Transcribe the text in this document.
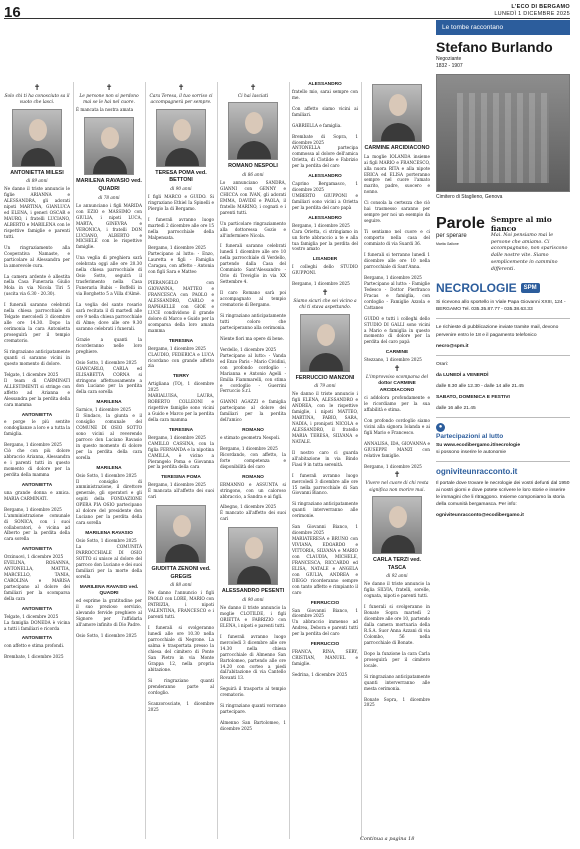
16	L'ECO DI BERGAMO
LUNEDÌ 1 DICEMBRE 2025
✝
Solo chi ti ha conosciuto sa il vuoto che lasci.
ANTONIETTA MILESI
di 89 anni
Ne danno il triste annuncio le figlie ARIANNA e ALESSANDRA, gli adorati nipoti MARTINA, GIANLUCA ed ELENA, i generi OSCAR e MAURO, i fratelli LUCIANO, ALBERTO e MARILENA con le rispettive famiglie e parenti tutti.
Un ringraziamento alla Cooperativa Namaste, e particolare al Alessandra per la amorevole cura.
La camera ardente è allestita nella Casa Funeraria Giulio Mola in via Nicola Tiri 5 (uscita via 6.30 - 20.30).
I funerali saranno celebrati nella chiesa parrocchiale di Telgate mercoledì 3 dicembre alle ore 14.30. Dopo la cerimonia la cara Antonietta proseguirà per il tempio crematorio.
Si ringraziano anticipatamente quanti ci saranno vicini in questo momento di dolore.
Telgate, 1 dicembre 2025
Il team di CARMINATI ALLESTIMENTI si stringe con affetto ad Arianna e Alessandra per la perdita della cara mamma
ANTONIETTA
e porge le più sentite condoglianze a loro e a tutta la famiglia.
Bergamo, 1 dicembre 2025
Ciò che con più dolore abbraccio Arianna, Alessandra e i parenti tutti in questo momento di dolore per la perdita della mamma
ANTONIETTA
una grande donna e amica. MARIA CARMINATI.
Bergamo, 1 dicembre 2025
L'amministrazione comunale di SONICA, con i suoi collaboratori, è vicina ad Alberto per la perdita della cara sorella
ANTONIETTA
Orzinuovi, 1 dicembre 2025
EVELINA, ROSANNA, ANTONELLA, MATTIA, MARCELLO, TANIA, CAROLINA e MARISA partecipano al dolore dei familiari per la scomparsa della cara
ANTONIETTA
Telgate, 1 dicembre 2025
La famiglia DONEDA è vicina a tutti i familiari e ricorda
ANTONIETTA
con affetto e stima profondi.
Brembate, 1 dicembre 2025
✝
Le persone non si perdono mai se le hai nel cuore.
È mancata la nostra amata
MARILENA RAVASIO ved. QUADRI
di 78 anni
Lo annunciano i figli MARIDA con EZIO e MASSIMO con GIULIA, i nipoti LUCA, MARTA, GINEVRA e VERONICA, i fratelli DON LUCIANO, ALBERTO e MICHELE con le rispettive famiglie.
Una veglia di preghiera sarà celebrata oggi alle ore 20.30 nella chiesa parrocchiale di Osio Sotto, seguirà il trasferimento nella Casa Funeraria Rubis - Boffelli in via Borghetto 5 a Villa d'Almè.
La veglia del santo rosario sarà recitata il dì martedì alle ore 9 nella chiesa parrocchiale di Alme; dove alle ore 9.30 saranno celebrati i funerali.
Grazie a quanti la ricorderanno nelle loro preghiere.
Osio Sotto, 1 dicembre 2025
GIANCARLO, CARLA ed ELISABETTA CORNA si stringono affettuosamente a don Luciano per la perdita della cara sorella
MARILENA
Sarnico, 1 dicembre 2025
Il Sindaco, la giunta e il consiglio comunale del COMUNE DI OSIO SOTTO sono vicini al reverendo parroco don Luciano Ravasio in questo momento di dolore per la perdita della cara sorella
MARILENA
Osio Sotto, 1 dicembre 2025
Il consiglio di amministrazione, il direttore generale, gli operatori e gli ospiti della FONDAZIONE OPERA PIA OSIO partecipano al dolore del presidente don Luciano per la perdita della cara sorella
MARILENA RAVASIO
Osio Sotto, 1 dicembre 2025
La COMUNITÀ PARROCCHIALE DI OSIO SOTTO si unisce al dolore del parroco don Luciano e dei suoi familiari per la morte della sorella
MARILENA RAVASIO ved. QUADRI
ed esprime la gratitudine per il suo prezioso servizio, alevando fervide preghiere al Signore per l'affidarla all'amore infinito di Dio Padre.
Osio Sotto, 1 dicembre 2025
✝
Cara Teresa, il tuo sorriso ci accompagnerà per sempre.
TERESA POMA ved. BETTONI
di 90 anni
I figli MARCO e GUIDO. Si ringraziano Ethiel Ia Spinelli e Piergio Ia di Bergamo.
I funerali avranno luogo martedì 2 dicembre alle ore 15 nella parrocchiale della Malpensata.
Bergamo, 1 dicembre 2025
Partecipano al lutto: - Enzo, Lauretta e figli - Famiglia Caragau, con affetto - Antonia con figli Sara e Matteo
PIERANGELO con GIOVANNA, MATTEO e FRANCESCA con PAOLO e ALESSANDRO, CARLO e RAPHAELLE con GIOE e LUCE condividono il grande dolore di Marco e Guido per la scomparsa della loro amata mamma
TERESINA
Bergamo, 1 dicembre 2025
CLAUDIO, FEDERICA e LUCA ricordano con grande affetto zia
TERRY
Artigliana (TO), 1 dicembre 2025
MARIALUISA, LAURA, ROBERTO COLLEONI e rispettive famiglie sono vicini a Guido e Marco per la perdita della cara mamma
TERESINA
Bergamo, 1 dicembre 2025
CAMILLO CASSINA, con la figlia FERNANDA e la nipotina CAMILLA, è vicino a Pierangelo Poma e Giovanna per la perdita della cara
TERESINA POMA
Bergamo, 1 dicembre 2025
È mancata all'affetto dei suoi cari
GIUDITTA ZENONI ved. GREGIS
di 88 anni
Ne danno l'annuncio i figli PAOLO con LORE, MARIO con PATRIZIA, i nipoti VALENTINA, FRANCESCO e i parenti tutti.
I funerali si svolgeranno lunedì alle ore 10.30 nella parrocchiale di Negrone. La salma è trasportata presso la chiesa del cimitero di Ponte San Pietro in via Monte Grappa 12, nella propria abitazione.
Si ringraziano quanti prenderanno parte al cordoglio.
Scanzorosciate, 1 dicembre 2025
✝
Ci hai lasciati
ROMANO NESPOLI
di 86 anni
Lo annunciano SANDRA, GIANNI con GENNY e CHICCA con IVAN, gli adorati EMMA, DAVIDE e PAOLA, il fratello MARINO, i cognati e i parenti tutti.
Un particolare ringraziamento alla dottoressa Gozio e all'infermiere Nicola.
I funerali saranno celebrati lunedì 1 dicembre alle ore 10 nella parrocchiale di Verdello, partendo dalla Casa del Commiato Sant'Alessandro - Orio di Treviglio in via XX Settembre 4.
Il caro Romano sarà poi accompagnato al tempio crematorio di Bergamo.
Si ringraziano anticipatamente tutti coloro che parteciperanno alla cerimonia.
Niente fiori ma opere di bene.
Verdello, 1 dicembre 2025
Partecipano al lutto: - Vanda ed Enzo Paris - Mario Cividini, con profondo cordoglio - Marianna e Antonio Agelli - Emilia Fiammarelli, con stima e cordoglio - Guerrini Ferruccio S.r.l.
GIANNI AGAZZI e famiglia partecipano al dolore dei familiari per la perdita dell'amico
ROMANO
e stimato geometra Nespoli.
Bergamo, 1 dicembre 2025
Ricordando, con affetto, la forte competenza e disponibilità del caro
ROMANO
ERMANNO e ASSUNTA si stringono, con un caloroso abbraccio, a Sandra e ai figli.
Albegno, 1 dicembre 2025
È mancato all'affetto dei suoi cari
ALESSANDRO PESENTI
di 90 anni
Ne danno il triste annuncio la moglie CLOTILDE, i figli ORIETTA e FABRIZIO con ELENA, i nipoti e parenti tutti.
I funerali avranno luogo mercoledì 3 dicembre alle ore 14.30 nella chiesa parrocchiale di Almenno San Bartolomeo, partendo alle ore 14.20 con corteo a piedi dall'abitazione di via Cantello Rovanti 13.
Seguirà il trasporto al tempio crematorio.
Si ringraziano quanti vorranno partecipare.
Almenno San Bartolomeo, 1 dicembre 2025
ALESSANDRO
fratello mio, sarai sempre con me.
Con affetto siamo vicini ai familiari.
GABRIELLA e famiglia.
Brembate di Sopra, 1 dicembre 2025
ANTONELLA partecipa commossa al dolore dell'amica Orietta, di Clotilde e Fabrizio per la perdita del caro
ALESSANDRO
Caprino Bergamasco, 1 dicembre 2025
UMBERTO GIUPPONI e familiari sono vicini a Orietta per la perdita del caro papà
ALESSANDRO
Bergamo, 1 dicembre 2025
Cara Orietta, ci stringiamo in un forte abbraccio a te e alla tua famiglia per la perdita del vostro amato
LISANDER
I colleghi dello STUDIO GIUPPONI.
Bergamo, 1 dicembre 2025
✝
Siamo sicuri che sei vicino a chi ti stava aspettando.
FERRUCCIO MANZONI
di 79 anni
Ne danno il triste annuncio i figli ELENA, ALESSANDRO e ANDREA, con le rispettive famiglie, i nipoti MATTEO, MARTINA, FABIO, SARA, NADIA, i pronipoti NICOLA e ALESSANDRO, il fratello MARIA TERESA, SILVANA e NATALE.
Il nostro caro ci guarda all'abitazione in via Bindo Fiasi 9 in tutta serenità.
I funerali avranno luogo mercoledì 3 dicembre alle ore 15 nella parrocchiale di San Giovanni Bianco.
Si ringraziano anticipatamente quanti interverranno alle cerimonie.
San Giovanni Bianco, 1 dicembre 2025
MARIATERESA e BRUNO con VIVIANA, EDOARDO e VITTORIA, SILVANA e MARIO con CLAUDIA, MICHELE, FRANCESCA, RICCARDO ed ELISA, NATALE e ANGELA con GIULIA, ANDREA e DIEGO ricorderanno sempre con tanto affetto e rimpianto il caro
FERRUCCIO
San Giovanni Bianco, 1 dicembre 2025
Un abbraccio immenso ad Andrea, Debora e parenti tutti per la perdita del caro
FERRUCCIO
FRANCA, RINA, SERY, CRISTIAN, MANUEL e famiglie.
Sedrina, 1 dicembre 2025
CARMINE ARCIDIACONO
La moglie IOLANDA insieme ai figli MARIO e FRANCESCO, alla nuora RITA e alla nipote ERICA ed ELISA porteranno sempre nel cuore l'amato marito, padre, suocero e nonno.
Ci consola la certezza che ciò hai trasmesso saranno per sempre per noi un esempio da seguire.
Ti sentiamo nel cuore e ci comporto nella casa del commiato di via Suardi 36.
I funerali si terranno lunedì 1 dicembre alle ore 10 nella parrocchiale di Sant'Anna.
Bergamo, 1 dicembre 2025
Partecipano al lutto: - Famiglie Tedesco - Dottor Pierfranco Fracas e famiglia, con cordoglio - Famiglie Azzola e Cattaneo
GUIDO e tutti i colleghi dello STUDIO DI GALLI sono vicini a Mario e famiglia in questo momento di dolore per la perdita del caro papà
CARMINE
Stezzano, 1 dicembre 2025
✝
L'improvviso scomparsa del
dottor CARMINE ARCIDIACONO
ci addolora profondamente e le ricordiamo per la sua affabilità e stima.
Con profondo cordoglio siamo vicini alla signora Iolanda e ai figli Mario e Francesco.
ANNALISA, IDA, GIOVANNA e GIUSEPPE MANZI con relative famiglie.
Bergamo, 1 dicembre 2025
✝
Vivere nel cuore di chi resta significa non morire mai.
CARLA TERZI ved. TASCA
di 92 anni
Ne danno il triste annuncio la figlia SILVIA, fratelli, sorelle, cognata, nipoti e parenti tutti.
I funerali si svolgeranno in Bonate Sopra martedì 2 dicembre alle ore 10, partendo dalla camera mortuaria della R.S.A. Suor Anna Azzani di via Colombo, 56 nella parrocchiale di Bonate.
Dopo la funzione la cara Carla proseguirà per il cimitero locale.
Si ringraziano anticipatamente quanti interverranno alle mesta cerimonia.
Bonate Sopra, 1 dicembre 2025
Le tombe raccontano
Stefano Burlando
Negoziante
1832 - 1907
Cimitero di Staglieno, Genova
Parole
per sperare
Marita Gallone
Sempre al mio fianco
Mai. Noi pensiamo mai le persone che amiamo. Ci accompagnano, non spariscono dalle nostre vite. Siamo semplicemente in cammino differenti.
NECROLOGIE	SPM
Si ricevono allo sportello in Viale Papa Giovanni XXIII, 124 - BERGAMO Tel. 035.35.87.77 - 035.38.63.33
Le richieste di pubblicazione inviate tramite mail, devono pervenire entro le 18 e il pagamento telefonico
necro@spm.it
Orari:
da LUNEDÌ a VENERDÌ
dalle 8.30 alle 12.30 - dalle 14 alle 21.45
SABATO, DOMENICA E FESTIVI
dalle 16 alle 21.45
●
Partecipazioni al lutto
Su www.ecodibergamo.it/necrologie
si possono inserire le autonomie
ogniviteunracconto.it
Il portale dove trovare le necrologie dei vostri defunti dal 1950 ai nostri giorni e dove potete scrivere le loro storie e inserire le immagini che li ritraggono. Insieme componiamo la storia della comunità bergamasca. Per info:
ogniviteunracconto@ecodibergamo.it
Continua a pagina 18
